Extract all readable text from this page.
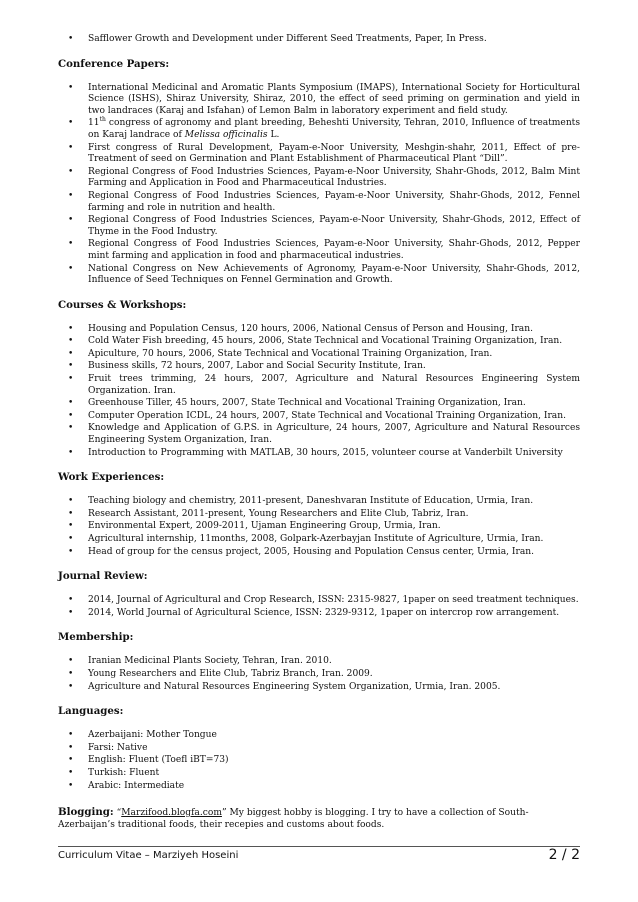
• Safflower Growth and Development under Different Seed Treatments, Paper, In Press.
Conference Papers:
• International Medicinal and Aromatic Plants Symposium (IMAPS), International Society for Horticultural Science (ISHS), Shiraz University, Shiraz, 2010, the effect of seed priming on germination and yield in two landraces (Karaj and Isfahan) of Lemon Balm in laboratory experiment and field study.
• 11th congress of agronomy and plant breeding, Beheshti University, Tehran, 2010, Influence of treatments on Karaj landrace of Melissa officinalis L.
• First congress of Rural Development, Payam-e-Noor University, Meshgin-shahr, 2011, Effect of pre-Treatment of seed on Germination and Plant Establishment of Pharmaceutical Plant “Dill”.
• Regional Congress of Food Industries Sciences, Payam-e-Noor University, Shahr-Ghods, 2012, Balm Mint Farming and Application in Food and Pharmaceutical Industries.
• Regional Congress of Food Industries Sciences, Payam-e-Noor University, Shahr-Ghods, 2012, Fennel farming and role in nutrition and health.
• Regional Congress of Food Industries Sciences, Payam-e-Noor University, Shahr-Ghods, 2012, Effect of Thyme in the Food Industry.
• Regional Congress of Food Industries Sciences, Payam-e-Noor University, Shahr-Ghods, 2012, Pepper mint farming and application in food and pharmaceutical industries.
• National Congress on New Achievements of Agronomy, Payam-e-Noor University, Shahr-Ghods, 2012, Influence of Seed Techniques on Fennel Germination and Growth.
Courses & Workshops:
• Housing and Population Census, 120 hours, 2006, National Census of Person and Housing, Iran.
• Cold Water Fish breeding, 45 hours, 2006, State Technical and Vocational Training Organization, Iran.
• Apiculture, 70 hours, 2006, State Technical and Vocational Training Organization, Iran.
• Business skills, 72 hours, 2007, Labor and Social Security Institute, Iran.
• Fruit trees trimming, 24 hours, 2007, Agriculture and Natural Resources Engineering System Organization. Iran.
• Greenhouse Tiller, 45 hours, 2007, State Technical and Vocational Training Organization, Iran.
• Computer Operation ICDL, 24 hours, 2007, State Technical and Vocational Training Organization, Iran.
• Knowledge and Application of G.P.S. in Agriculture, 24 hours, 2007, Agriculture and Natural Resources Engineering System Organization, Iran.
• Introduction to Programming with MATLAB, 30 hours, 2015, volunteer course at Vanderbilt University
Work Experiences:
• Teaching biology and chemistry, 2011-present, Daneshvaran Institute of Education, Urmia, Iran.
• Research Assistant, 2011-present, Young Researchers and Elite Club, Tabriz, Iran.
• Environmental Expert, 2009-2011, Ujaman Engineering Group, Urmia, Iran.
• Agricultural internship, 11months, 2008, Golpark-Azerbayjan Institute of Agriculture, Urmia, Iran.
• Head of group for the census project, 2005, Housing and Population Census center, Urmia, Iran.
Journal Review:
• 2014, Journal of Agricultural and Crop Research, ISSN: 2315-9827, 1paper on seed treatment techniques.
• 2014, World Journal of Agricultural Science, ISSN: 2329-9312, 1paper on intercrop row arrangement.
Membership:
• Iranian Medicinal Plants Society, Tehran, Iran. 2010.
• Young Researchers and Elite Club, Tabriz Branch, Iran. 2009.
• Agriculture and Natural Resources Engineering System Organization, Urmia, Iran. 2005.
Languages:
• Azerbaijani: Mother Tongue
• Farsi: Native
• English: Fluent (Toefl iBT=73)
• Turkish: Fluent
• Arabic: Intermediate
Blogging: “Marzifood.blogfa.com” My biggest hobby is blogging. I try to have a collection of South-Azerbaijan’s traditional foods, their recepies and customs about foods.
Curriculum Vitae – Marziyeh Hoseini	2 / 2
